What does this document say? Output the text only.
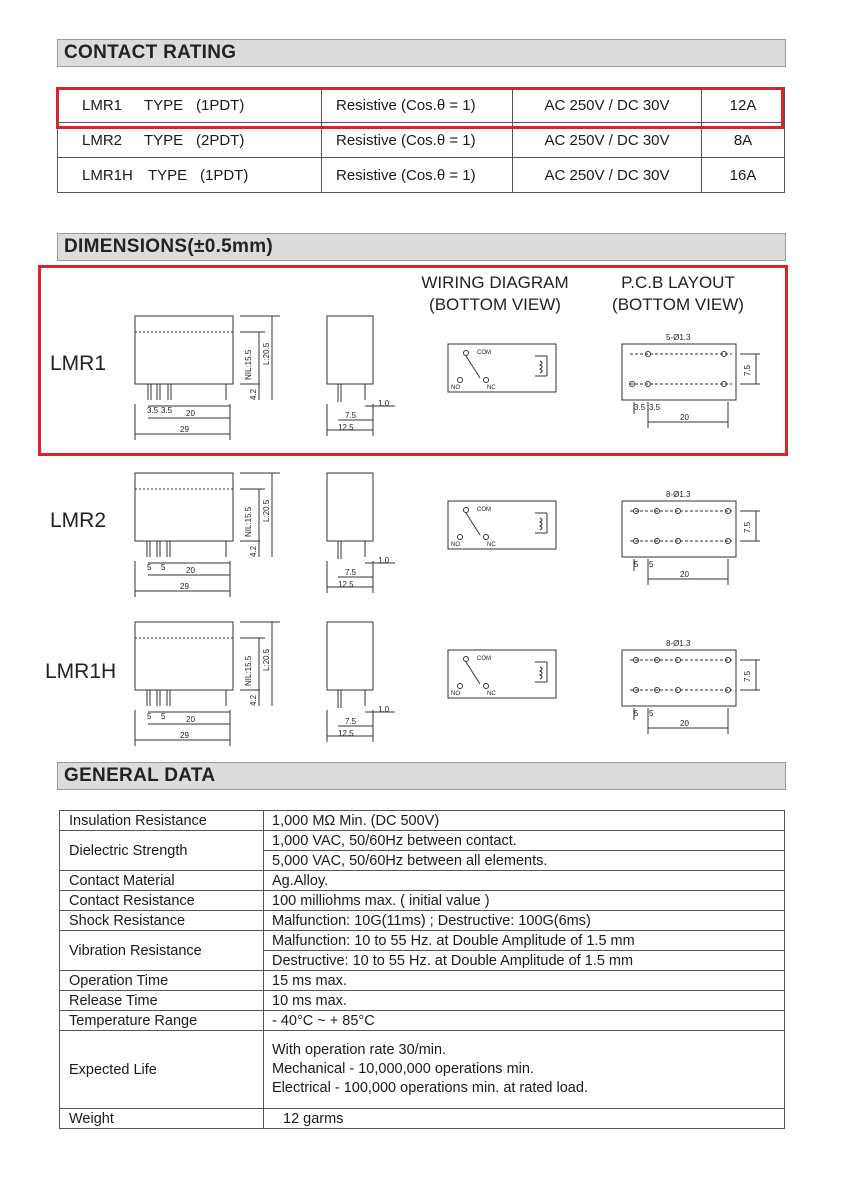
CONTACT RATING
LMR1 TYPE (1PDT)	Resistive (Cos.θ = 1)	AC 250V / DC 30V	12A
LMR2 TYPE (2PDT)	Resistive (Cos.θ = 1)	AC 250V / DC 30V	8A
LMR1H TYPE (1PDT)	Resistive (Cos.θ = 1)	AC 250V / DC 30V	16A
DIMENSIONS(±0.5mm)
WIRING DIAGRAM
(BOTTOM VIEW)
P.C.B LAYOUT
(BOTTOM VIEW)
LMR1
LMR2
LMR1H
NIL:15.5 L:20.5
4.2
3.5 3.5 20
29
7.5
12.5
1.0
COM
NO	NC
5-Ø1.3
7.5
3.5 3.5
20
NIL:15.5 L:20.5
4.2
5 5	20
29
7.5
12.5
1.0
COM
NO	NC
8-Ø1.3
7.5
5 5
20
NIL:15.5 L:20.5
4.2
5 5	20
29
7.5
12.5
1.0
COM
NO	NC
8-Ø1.3
7.5
5 5
20
GENERAL DATA
Insulation Resistance	1,000 MΩ Min. (DC 500V)
Dielectric Strength	1,000 VAC, 50/60Hz between contact.
	5,000 VAC, 50/60Hz between all elements.
Contact Material	Ag.Alloy.
Contact Resistance	100 milliohms max. ( initial value )
Shock Resistance	Malfunction: 10G(11ms) ; Destructive: 100G(6ms)
Vibration Resistance	Malfunction: 10 to 55 Hz. at Double Amplitude of 1.5 mm
	Destructive: 10 to 55 Hz. at Double Amplitude of 1.5 mm
Operation Time	15 ms max.
Release Time	10 ms max.
Temperature Range	- 40°C ~ + 85°C
Expected Life	With operation rate 30/min.
Mechanical - 10,000,000 operations min.
Electrical - 100,000 operations min. at rated load.

Weight	12 garms
